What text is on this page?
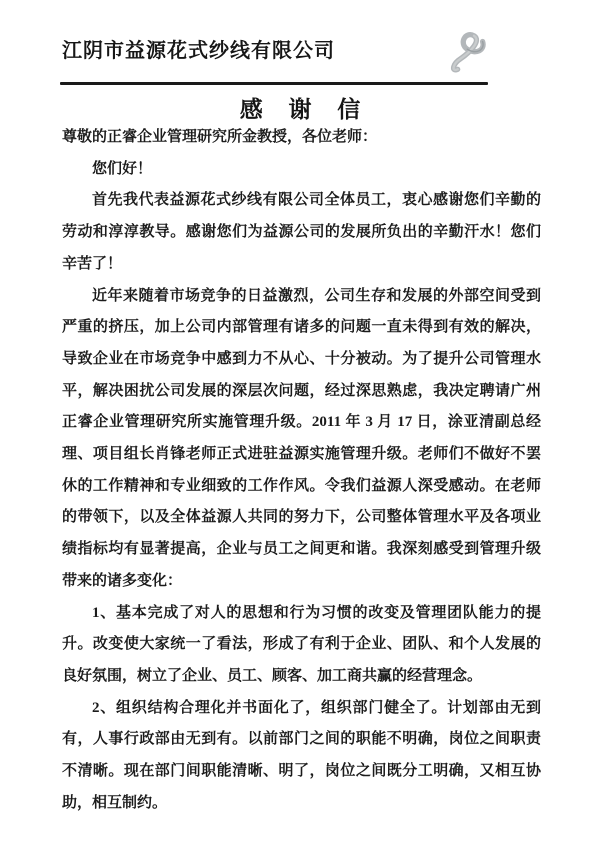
江阴市益源花式纱线有限公司
感 谢 信

尊敬的正睿企业管理研究所金教授，各位老师：

您们好！

首先我代表益源花式纱线有限公司全体员工，衷心感谢您们辛勤的劳动和淳淳教导。感谢您们为益源公司的发展所负出的辛勤汗水！您们辛苦了！

近年来随着市场竞争的日益激烈，公司生存和发展的外部空间受到严重的挤压，加上公司内部管理有诸多的问题一直未得到有效的解决，导致企业在市场竞争中感到力不从心、十分被动。为了提升公司管理水平，解决困扰公司发展的深层次问题，经过深思熟虑，我决定聘请广州正睿企业管理研究所实施管理升级。2011 年 3 月 17 日，涂亚清副总经理、项目组长肖锋老师正式进驻益源实施管理升级。老师们不做好不罢休的工作精神和专业细致的工作作风。令我们益源人深受感动。在老师的带领下，以及全体益源人共同的努力下，公司整体管理水平及各项业绩指标均有显著提高，企业与员工之间更和谐。我深刻感受到管理升级带来的诸多变化：

1、基本完成了对人的思想和行为习惯的改变及管理团队能力的提升。改变使大家统一了看法，形成了有利于企业、团队、和个人发展的良好氛围，树立了企业、员工、顾客、加工商共赢的经营理念。

2、组织结构合理化并书面化了，组织部门健全了。计划部由无到有，人事行政部由无到有。以前部门之间的职能不明确，岗位之间职责不清晰。现在部门间职能清晰、明了，岗位之间既分工明确，又相互协助，相互制约。
